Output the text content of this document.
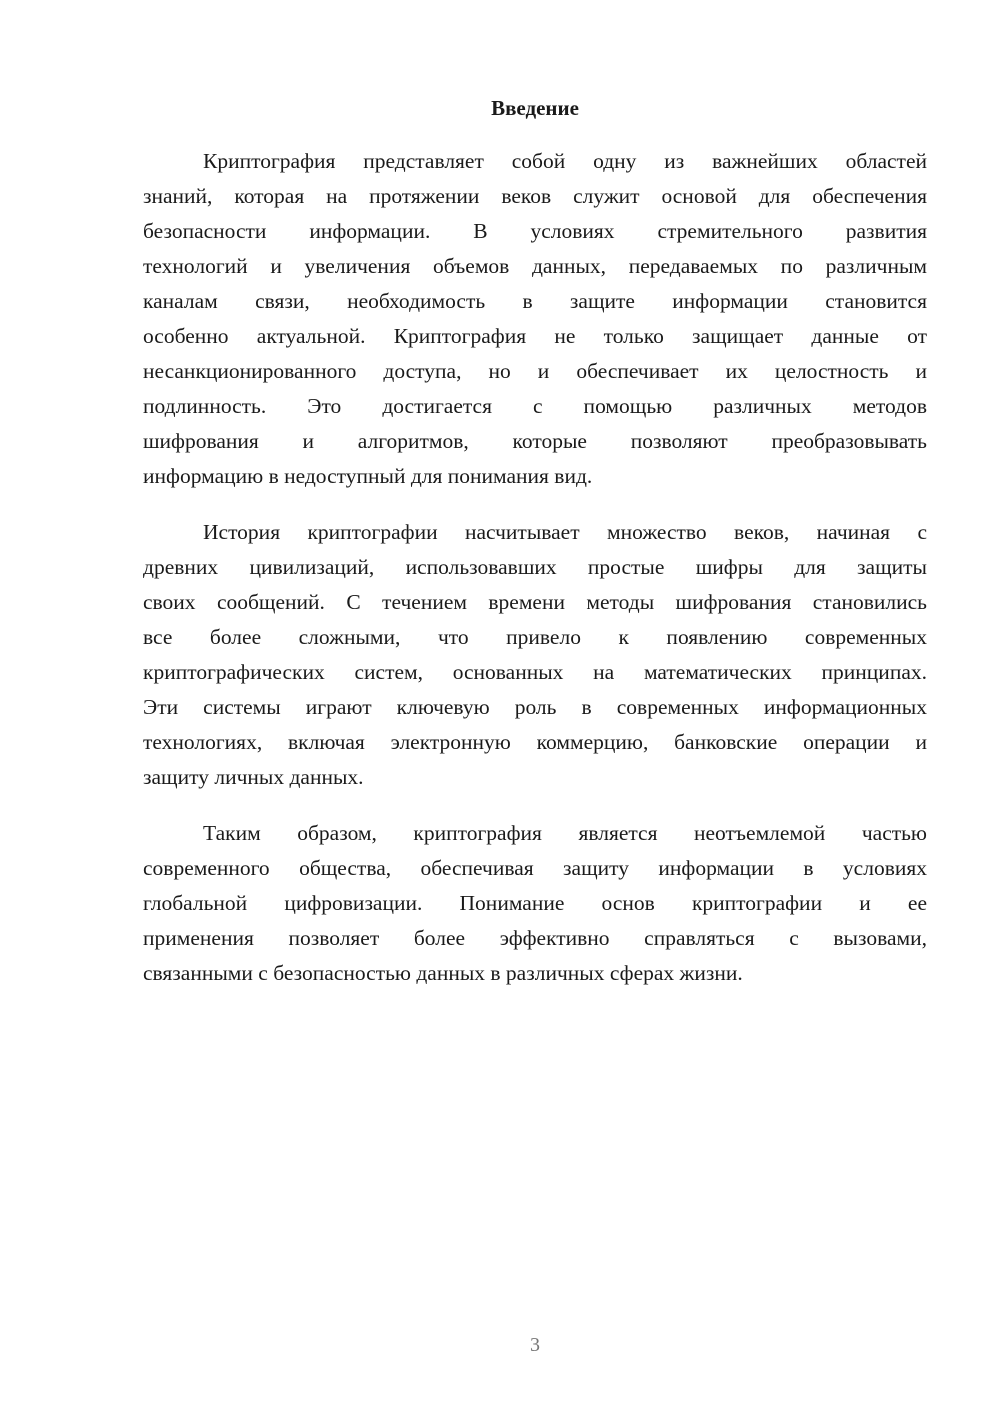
Введение
Криптография представляет собой одну из важнейших областей
знаний, которая на протяжении веков служит основой для обеспечения
безопасности информации. В условиях стремительного развития
технологий и увеличения объемов данных, передаваемых по различным
каналам связи, необходимость в защите информации становится
особенно актуальной. Криптография не только защищает данные от
несанкционированного доступа, но и обеспечивает их целостность и
подлинность. Это достигается с помощью различных методов
шифрования и алгоритмов, которые позволяют преобразовывать
информацию в недоступный для понимания вид.
История криптографии насчитывает множество веков, начиная с
древних цивилизаций, использовавших простые шифры для защиты
своих сообщений. С течением времени методы шифрования становились
все более сложными, что привело к появлению современных
криптографических систем, основанных на математических принципах.
Эти системы играют ключевую роль в современных информационных
технологиях, включая электронную коммерцию, банковские операции и
защиту личных данных.
Таким образом, криптография является неотъемлемой частью
современного общества, обеспечивая защиту информации в условиях
глобальной цифровизации. Понимание основ криптографии и ее
применения позволяет более эффективно справляться с вызовами,
связанными с безопасностью данных в различных сферах жизни.
3
